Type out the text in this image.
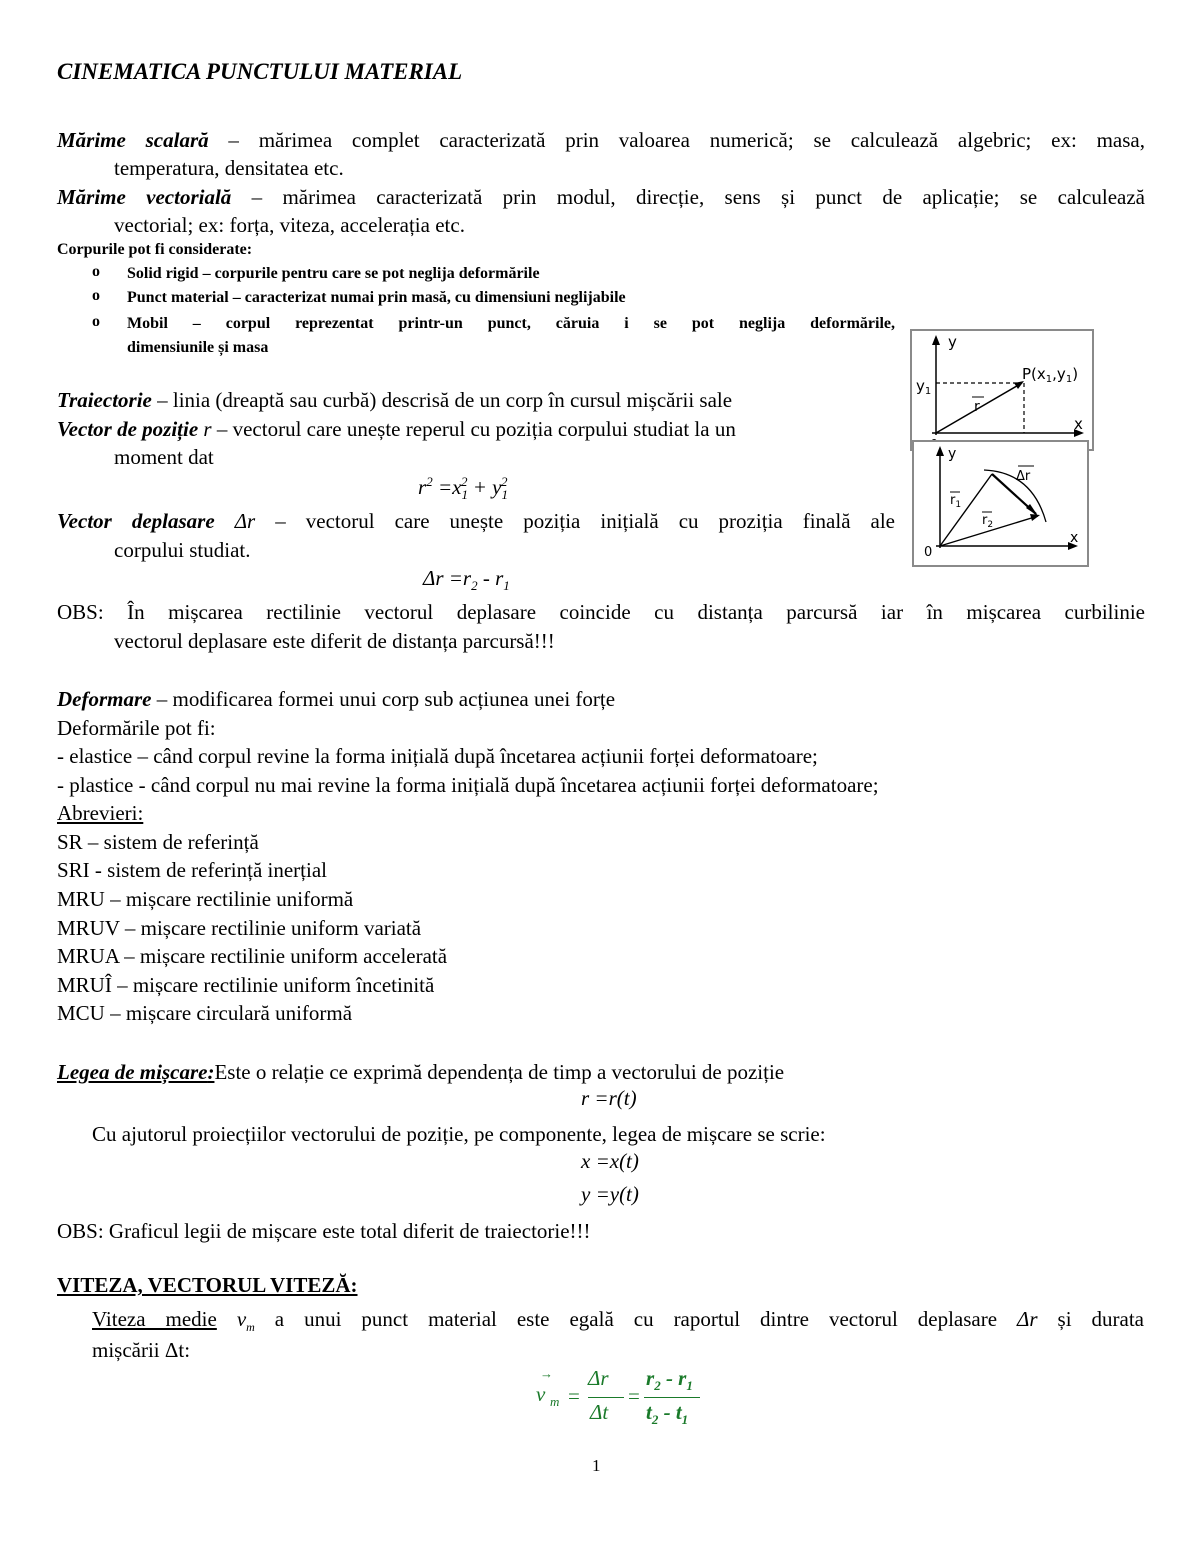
CINEMATICA PUNCTULUI MATERIAL
Mărime scalară – mărimea complet caracterizată prin valoarea numerică; se calculează algebric; ex: masa,
temperatura, densitatea etc.
Mărime vectorială – mărimea caracterizată prin modul, direcție, sens și punct de aplicație; se calculează
vectorial; ex: forța, viteza, accelerația etc.
Corpurile pot fi considerate:
o Solid rigid – corpurile pentru care se pot neglija deformările
o Punct material – caracterizat numai prin masă, cu dimensiuni neglijabile
o Mobil – corpul reprezentat printr-un punct, căruia i se pot neglija deformările,
dimensiunile și masa
Traiectorie – linia (dreaptă sau curbă) descrisă de un corp în cursul mișcării sale
Vector de poziție r – vectorul care unește reperul cu poziția corpului studiat la un
moment dat
$r^2 =x_1^2 + y_1^2$
Vector deplasare Δr – vectorul care unește poziția inițială cu proziția finală ale
corpului studiat.
$\Delta r =r_2 - r_1$
OBS: În mișcarea rectilinie vectorul deplasare coincide cu distanța parcursă iar în mișcarea curbilinie
vectorul deplasare este diferit de distanța parcursă!!!
Deformare – modificarea formei unui corp sub acțiunea unei forțe
Deformările pot fi:
- elastice – când corpul revine la forma inițială după încetarea acțiunii forței deformatoare;
- plastice - când corpul nu mai revine la forma inițială după încetarea acțiunii forței deformatoare;
Abrevieri:
SR – sistem de referință
SRI - sistem de referință inerțial
MRU – mișcare rectilinie uniformă
MRUV – mișcare rectilinie uniform variată
MRUA – mișcare rectilinie uniform accelerată
MRUÎ – mișcare rectilinie uniform încetinită
MCU – mișcare circulară uniformă
Legea de mișcare:Este o relație ce exprimă dependența de timp a vectorului de poziție
r =r(t)
Cu ajutorul proiecțiilor vectorului de poziție, pe componente, legea de mișcare se scrie:
x =x(t)
y =y(t)
OBS: Graficul legii de mișcare este total diferit de traiectorie!!!
VITEZA, VECTORUL VITEZĂ:
Viteza medie $v_m$ a unui punct material este egală cu raportul dintre vectorul deplasare Δr și durata
mișcării Δt:
→
v m =
Δr
Δt
=
$r_2 - r_1$
$t_2 - t_1$
1
y
x
$y_1$
$P(x_1,y_1)$
r
y
x
0
$r_1$
$r_2$
Δr
